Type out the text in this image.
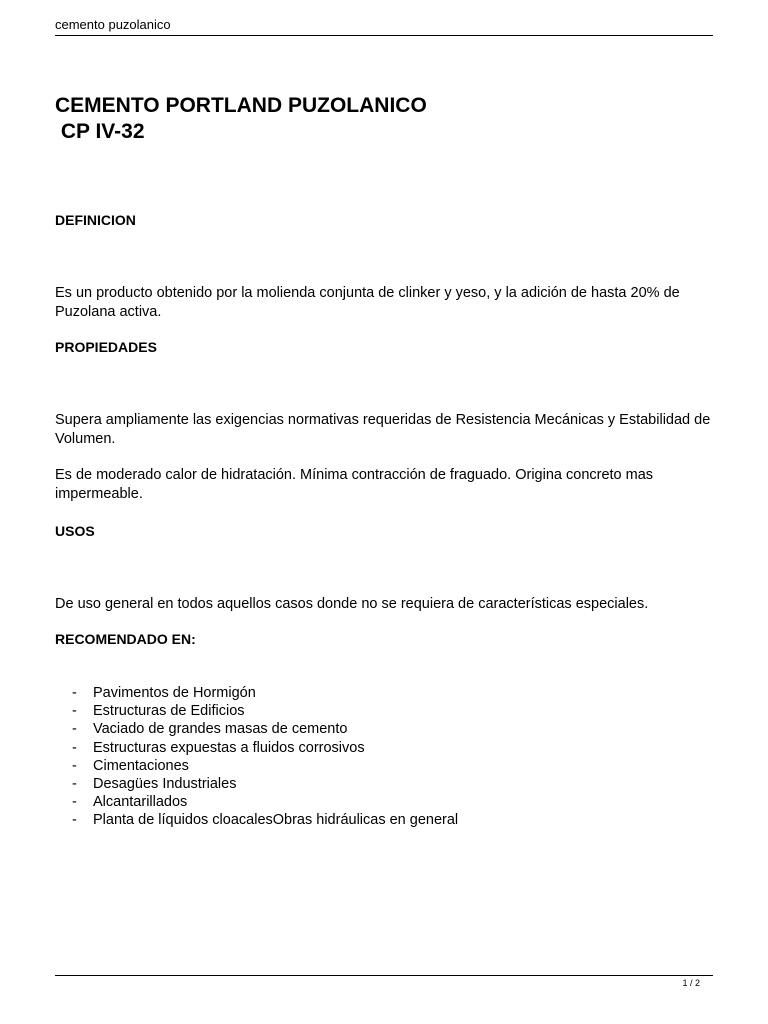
cemento puzolanico
CEMENTO PORTLAND PUZOLANICO
CP IV-32
DEFINICION

Es un producto obtenido por la molienda conjunta de clinker y yeso, y la adición de hasta 20% de Puzolana activa.

PROPIEDADES

Supera ampliamente las exigencias normativas requeridas de Resistencia Mecánicas y Estabilidad de Volumen.

Es de moderado calor de hidratación. Mínima contracción de fraguado. Origina concreto mas impermeable.

USOS

De uso general en todos aquellos casos donde no se requiera de características especiales.

RECOMENDADO EN:
- Pavimentos de Hormigón
- Estructuras de Edificios
- Vaciado de grandes masas de cemento
- Estructuras expuestas a fluidos corrosivos
- Cimentaciones
- Desagües Industriales
- Alcantarillados
- Planta de líquidos cloacalesObras hidráulicas en general
1 / 2
